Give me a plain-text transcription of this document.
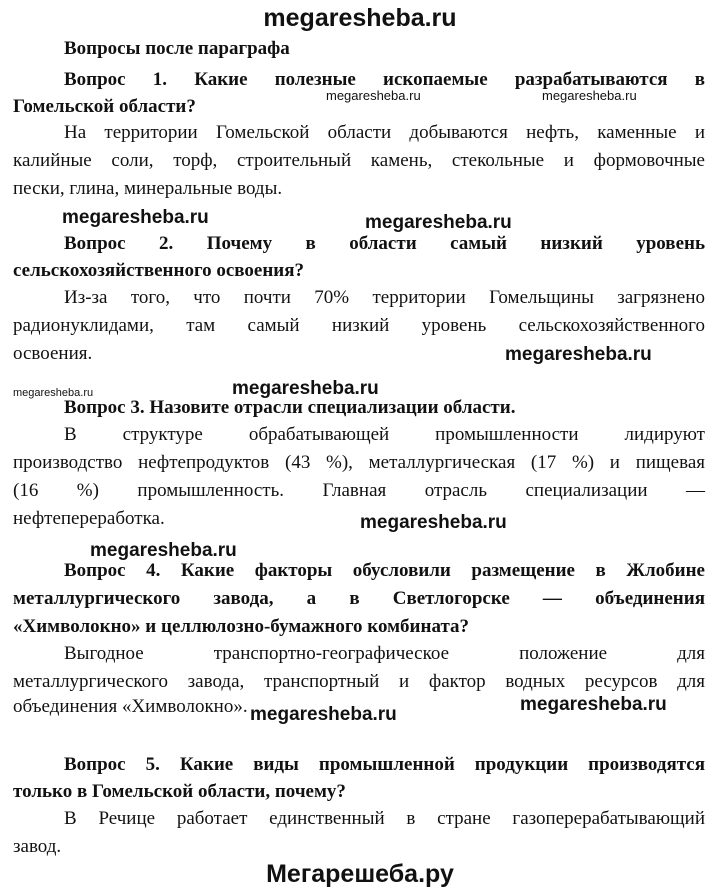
megaresheba.ru
Вопросы после параграфа
Вопрос 1. Какие полезные ископаемые разрабатываются в
Гомельской области?
На территории Гомельской области добываются нефть, каменные и
калийные соли, торф, строительный камень, стекольные и формовочные
пески, глина, минеральные воды.
Вопрос 2. Почему в области самый низкий уровень
сельскохозяйственного освоения?
Из-за того, что почти 70% территории Гомельщины загрязнено
радионуклидами, там самый низкий уровень сельскохозяйственного
освоения.
Вопрос 3. Назовите отрасли специализации области.
В структуре обрабатывающей промышленности лидируют
производство нефтепродуктов (43 %), металлургическая (17 %) и пищевая
(16 %) промышленность. Главная отрасль специализации —
нефтепереработка.
Вопрос 4. Какие факторы обусловили размещение в Жлобине
металлургического завода, а в Светлогорске — объединения
«Химволокно» и целлюлозно-бумажного комбината?
Выгодное транспортно-географическое положение для
металлургического завода, транспортный и фактор водных ресурсов для
объединения «Химволокно».
Вопрос 5. Какие виды промышленной продукции производятся
только в Гомельской области, почему?
В Речице работает единственный в стране газоперерабатывающий
завод.
megaresheba.ru	megaresheba.ru
megaresheba.ru	megaresheba.ru
megaresheba.ru
megaresheba.ru	megaresheba.ru
megaresheba.ru
megaresheba.ru
megaresheba.ru
megaresheba.ru
Мегарешеба.ру
